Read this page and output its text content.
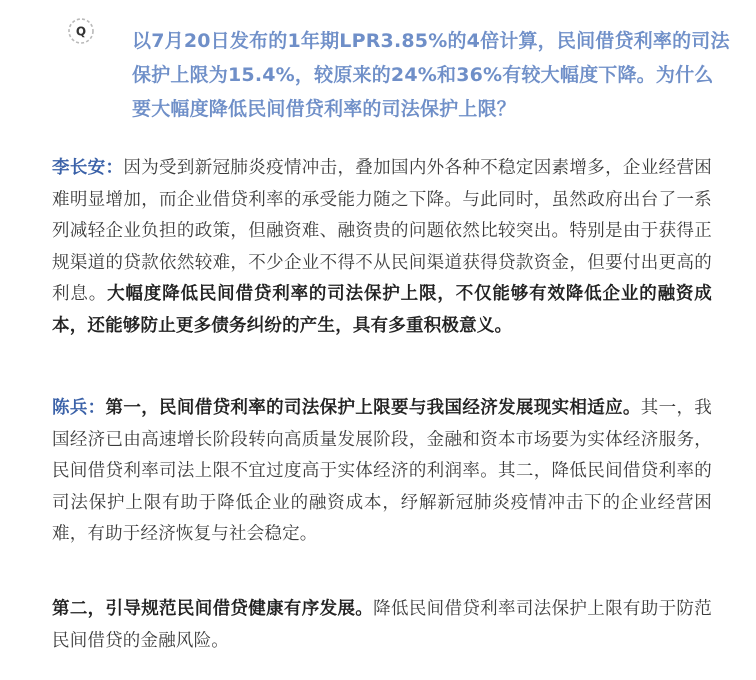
Q 以7月20日发布的1年期LPR3.85%的4倍计算，民间借贷利率的司法保护上限为15.4%，较原来的24%和36%有较大幅度下降。为什么要大幅度降低民间借贷利率的司法保护上限？
李长安：因为受到新冠肺炎疫情冲击，叠加国内外各种不稳定因素增多，企业经营困难明显增加，而企业借贷利率的承受能力随之下降。与此同时，虽然政府出台了一系列减轻企业负担的政策，但融资难、融资贵的问题依然比较突出。特别是由于获得正规渠道的贷款依然较难，不少企业不得不从民间渠道获得贷款资金，但要付出更高的利息。大幅度降低民间借贷利率的司法保护上限，不仅能够有效降低企业的融资成本，还能够防止更多债务纠纷的产生，具有多重积极意义。
陈兵：第一，民间借贷利率的司法保护上限要与我国经济发展现实相适应。其一，我国经济已由高速增长阶段转向高质量发展阶段，金融和资本市场要为实体经济服务，民间借贷利率司法上限不宜过度高于实体经济的利润率。其二，降低民间借贷利率的司法保护上限有助于降低企业的融资成本，纾解新冠肺炎疫情冲击下的企业经营困难，有助于经济恢复与社会稳定。
第二，引导规范民间借贷健康有序发展。降低民间借贷利率司法保护上限有助于防范民间借贷的金融风险。
